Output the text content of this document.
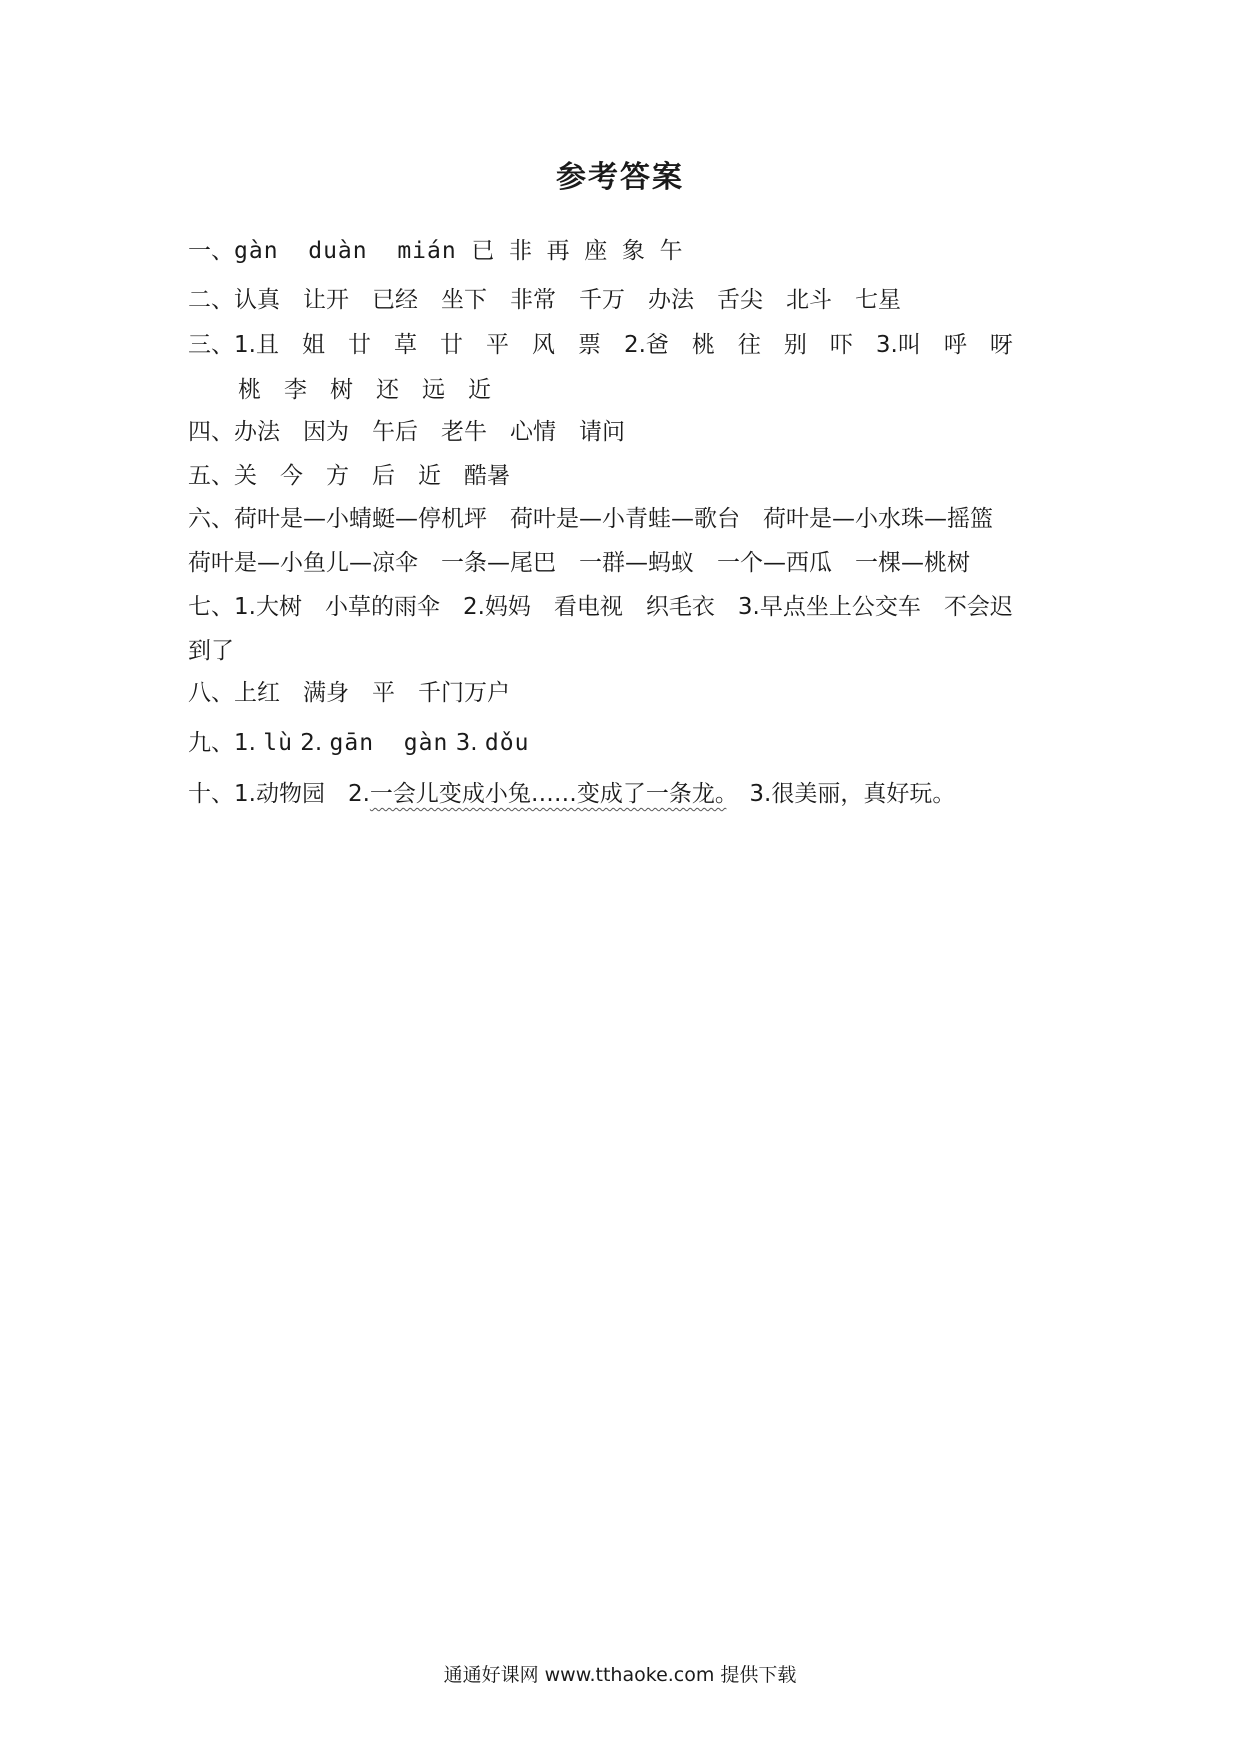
参考答案
一、gàn  duàn  mián  已  非  再  座  象  午
二、认真　让开　已经　坐下　非常　千万　办法　舌尖　北斗　七星
三、1.且　姐　廿　草　廿　平　风　票　2.爸　桃　往　别　吓　3.叫　呼　呀
桃　李　树　还　远　近
四、办法　因为　午后　老牛　心情　请问
五、关　今　方　后　近　酷暑
六、荷叶是—小蜻蜓—停机坪　荷叶是—小青蛙—歌台　荷叶是—小水珠—摇篮
荷叶是—小鱼儿—凉伞　一条—尾巴　一群—蚂蚁　一个—西瓜　一棵—桃树
七、1.大树　小草的雨伞　2.妈妈　看电视　织毛衣　3.早点坐上公交车　不会迟
到了
八、上红　满身　平　千门万户
九、1. lù 2. gān  gàn 3. dǒu
十、1.动物园　2.一会儿变成小兔……变成了一条龙。　3.很美丽，真好玩。
通通好课网 www.tthaoke.com 提供下载
